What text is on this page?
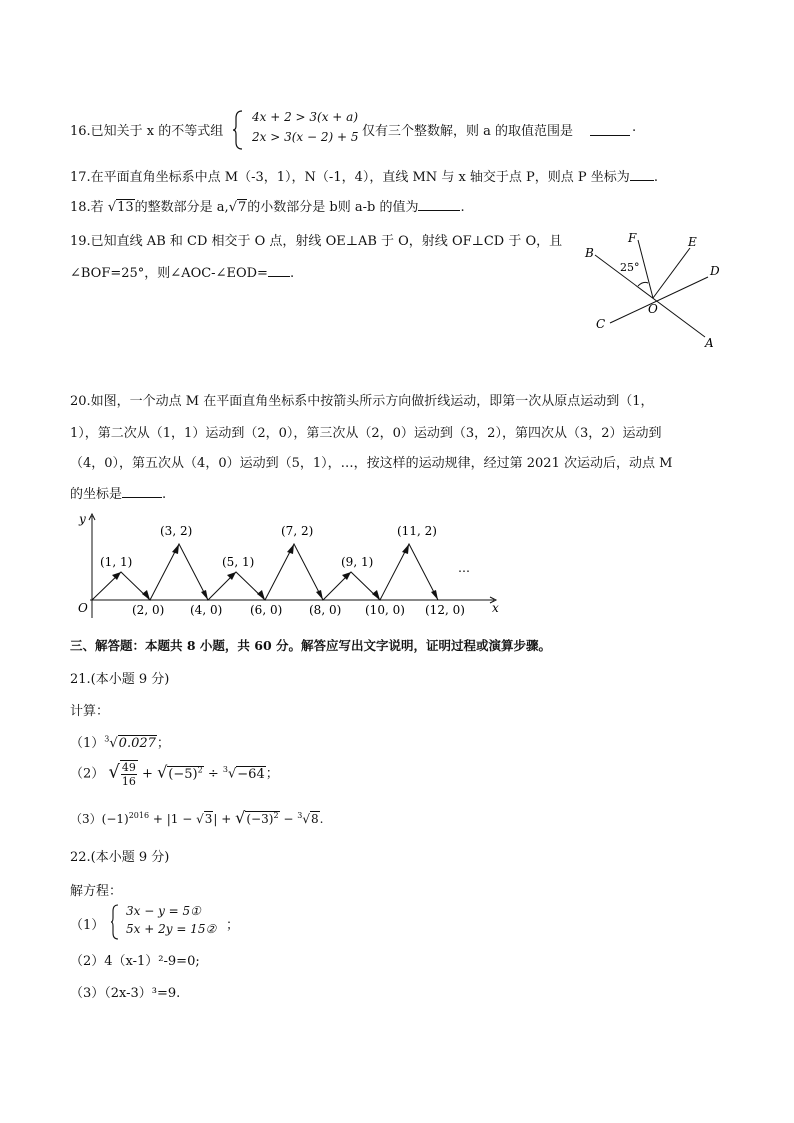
16.已知关于 x 的不等式组
4x + 2 > 3(x + a)
2x > 3(x − 2) + 5 仅有三个整数解，则 a 的取值范围是	.
17.在平面直角坐标系中点 M（-3，1），N（-1，4），直线 MN 与 x 轴交于点 P，则点 P 坐标为 .
18.若 √13的整数部分是 a,√7的小数部分是 b则 a-b 的值为	.
19.已知直线 AB 和 CD 相交于 O 点，射线 OE⊥AB 于 O，射线 OF⊥CD 于 O，且
∠BOF=25°，则∠AOC-∠EOD= .
B
F	E
D
O
C
A
25°
20.如图，一个动点 M 在平面直角坐标系中按箭头所示方向做折线运动，即第一次从原点运动到（1，
1），第二次从（1，1）运动到（2，0），第三次从（2，0）运动到（3，2），第四次从（3，2）运动到
（4，0），第五次从（4，0）运动到（5，1），…，按这样的运动规律，经过第 2021 次运动后，动点 M
的坐标是	.
y
x
O
(1, 1)
(3, 2)
(5, 1)
(7, 2)
(9, 1)
(11, 2)
…
(2, 0) (4, 0) (6, 0) (8, 0) (10, 0) (12, 0)
三、解答题：本题共 8 小题，共 60 分。解答应写出文字说明，证明过程或演算步骤。
21.(本小题 9 分)
计算：
$(1)^3√0.027$；
（2） √ $\frac{49}{16} + √(-5)^2 \div ^3√-64$；
$(3)(-1)^{2016} + |1 - √3| + √(-3)^2 - ^3√8$.
22.(本小题 9 分)
解方程：
（1）
3x − y = 5①
5x + 2y = 15② ；
（2）4（x-1）²-9=0;
（3）（2x-3）³=9.
